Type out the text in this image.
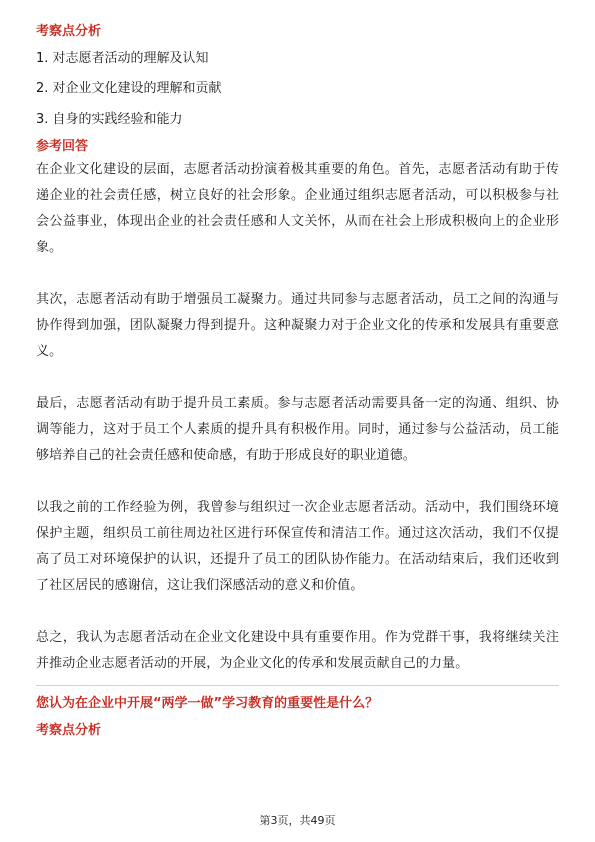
考察点分析

1. 对志愿者活动的理解及认知

2. 对企业文化建设的理解和贡献

3. 自身的实践经验和能力

参考回答

在企业文化建设的层面，志愿者活动扮演着极其重要的角色。首先，志愿者活动有助于传递企业的社会责任感，树立良好的社会形象。企业通过组织志愿者活动，可以积极参与社会公益事业，体现出企业的社会责任感和人文关怀，从而在社会上形成积极向上的企业形象。

其次，志愿者活动有助于增强员工凝聚力。通过共同参与志愿者活动，员工之间的沟通与协作得到加强，团队凝聚力得到提升。这种凝聚力对于企业文化的传承和发展具有重要意义。

最后，志愿者活动有助于提升员工素质。参与志愿者活动需要具备一定的沟通、组织、协调等能力，这对于员工个人素质的提升具有积极作用。同时，通过参与公益活动，员工能够培养自己的社会责任感和使命感，有助于形成良好的职业道德。

以我之前的工作经验为例，我曾参与组织过一次企业志愿者活动。活动中，我们围绕环境保护主题，组织员工前往周边社区进行环保宣传和清洁工作。通过这次活动，我们不仅提高了员工对环境保护的认识，还提升了员工的团队协作能力。在活动结束后，我们还收到了社区居民的感谢信，这让我们深感活动的意义和价值。

总之，我认为志愿者活动在企业文化建设中具有重要作用。作为党群干事，我将继续关注并推动企业志愿者活动的开展，为企业文化的传承和发展贡献自己的力量。

您认为在企业中开展“两学一做”学习教育的重要性是什么？

考察点分析

第3页，共49页
